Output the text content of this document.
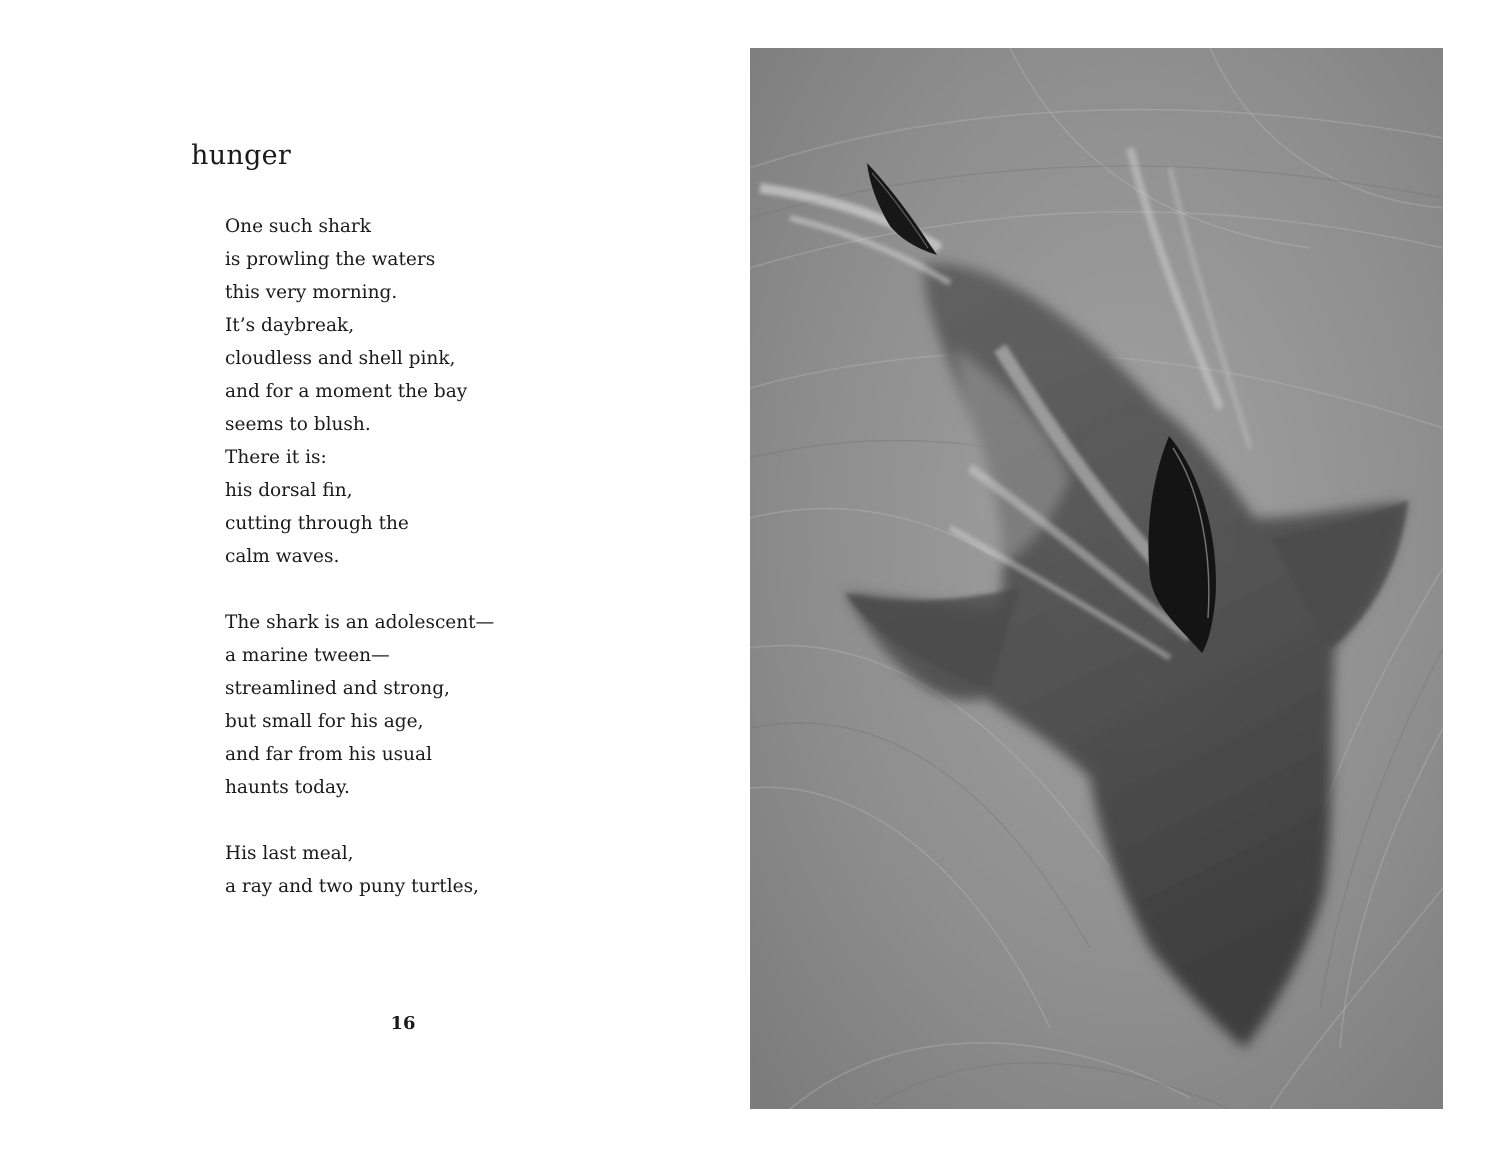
hunger
One such shark
is prowling the waters
this very morning.
It’s daybreak,
cloudless and shell pink,
and for a moment the bay
seems to blush.
There it is:
his dorsal fin,
cutting through the
calm waves.
The shark is an adolescent—
a marine tween—
streamlined and strong,
but small for his age,
and far from his usual
haunts today.
His last meal,
a ray and two puny turtles,
16
